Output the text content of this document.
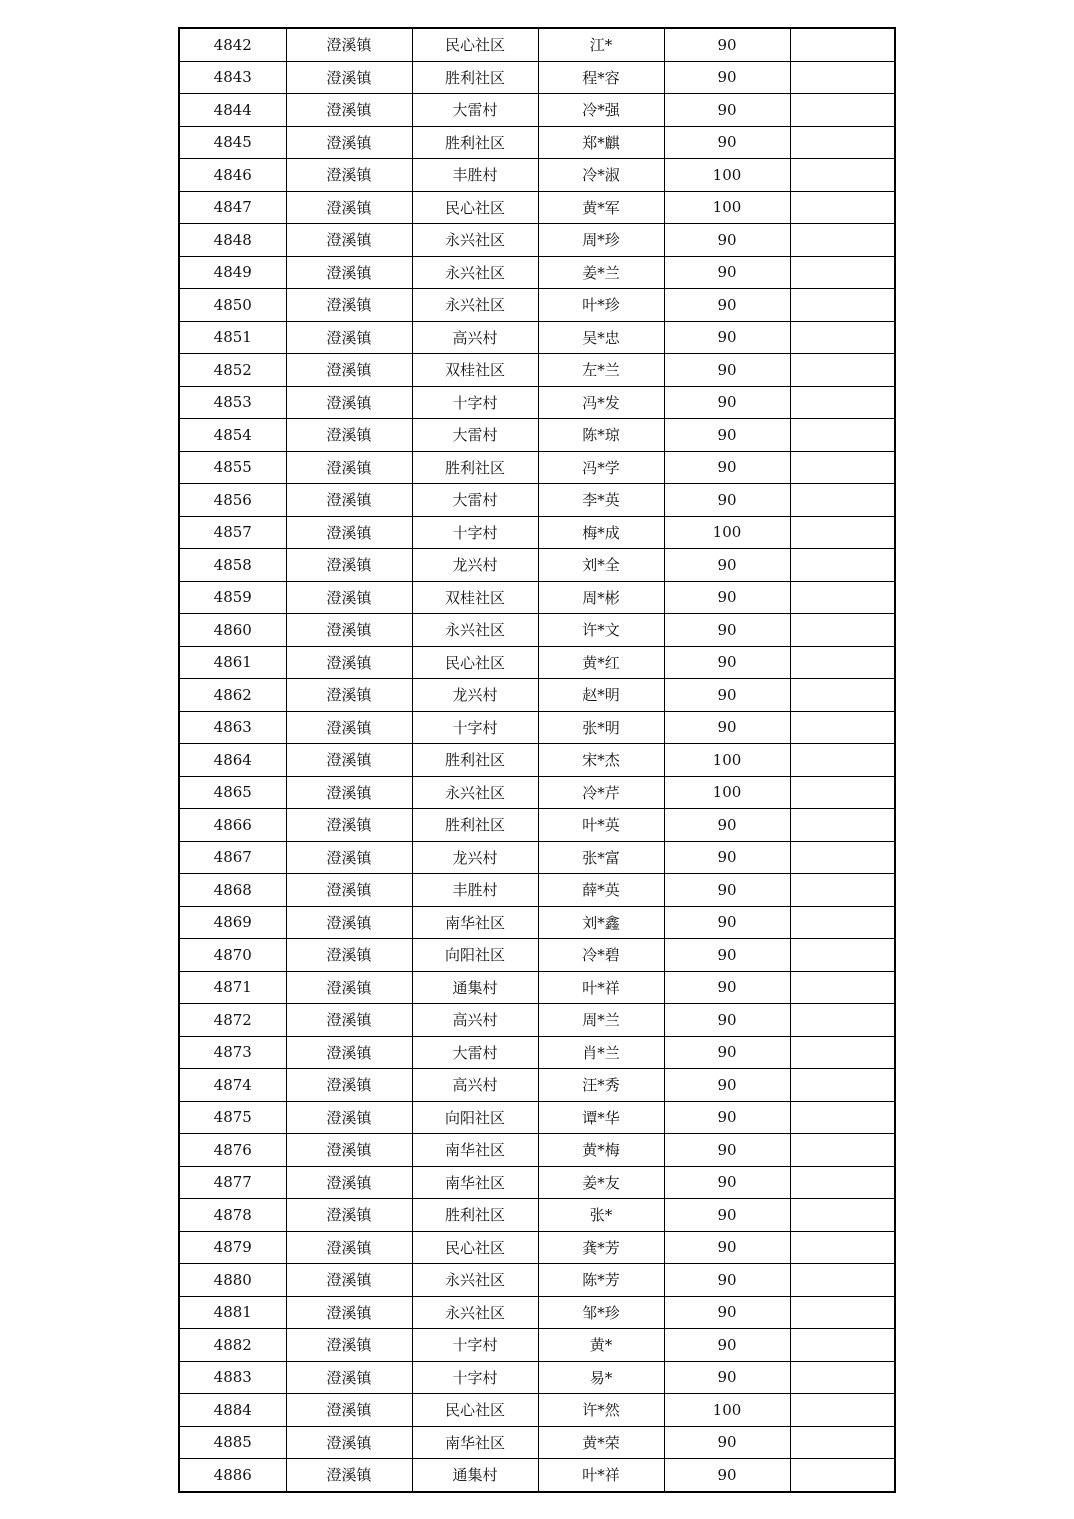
4842	澄溪镇	民心社区	江*	90	
4843	澄溪镇	胜利社区	程*容	90	
4844	澄溪镇	大雷村	冷*强	90	
4845	澄溪镇	胜利社区	郑*麒	90	
4846	澄溪镇	丰胜村	冷*淑	100	
4847	澄溪镇	民心社区	黄*军	100	
4848	澄溪镇	永兴社区	周*珍	90	
4849	澄溪镇	永兴社区	姜*兰	90	
4850	澄溪镇	永兴社区	叶*珍	90	
4851	澄溪镇	高兴村	吴*忠	90	
4852	澄溪镇	双桂社区	左*兰	90	
4853	澄溪镇	十字村	冯*发	90	
4854	澄溪镇	大雷村	陈*琼	90	
4855	澄溪镇	胜利社区	冯*学	90	
4856	澄溪镇	大雷村	李*英	90	
4857	澄溪镇	十字村	梅*成	100	
4858	澄溪镇	龙兴村	刘*全	90	
4859	澄溪镇	双桂社区	周*彬	90	
4860	澄溪镇	永兴社区	许*文	90	
4861	澄溪镇	民心社区	黄*红	90	
4862	澄溪镇	龙兴村	赵*明	90	
4863	澄溪镇	十字村	张*明	90	
4864	澄溪镇	胜利社区	宋*杰	100	
4865	澄溪镇	永兴社区	冷*芹	100	
4866	澄溪镇	胜利社区	叶*英	90	
4867	澄溪镇	龙兴村	张*富	90	
4868	澄溪镇	丰胜村	薛*英	90	
4869	澄溪镇	南华社区	刘*鑫	90	
4870	澄溪镇	向阳社区	冷*碧	90	
4871	澄溪镇	通集村	叶*祥	90	
4872	澄溪镇	高兴村	周*兰	90	
4873	澄溪镇	大雷村	肖*兰	90	
4874	澄溪镇	高兴村	汪*秀	90	
4875	澄溪镇	向阳社区	谭*华	90	
4876	澄溪镇	南华社区	黄*梅	90	
4877	澄溪镇	南华社区	姜*友	90	
4878	澄溪镇	胜利社区	张*	90	
4879	澄溪镇	民心社区	龚*芳	90	
4880	澄溪镇	永兴社区	陈*芳	90	
4881	澄溪镇	永兴社区	邹*珍	90	
4882	澄溪镇	十字村	黄*	90	
4883	澄溪镇	十字村	易*	90	
4884	澄溪镇	民心社区	许*然	100	
4885	澄溪镇	南华社区	黄*荣	90	
4886	澄溪镇	通集村	叶*祥	90	
